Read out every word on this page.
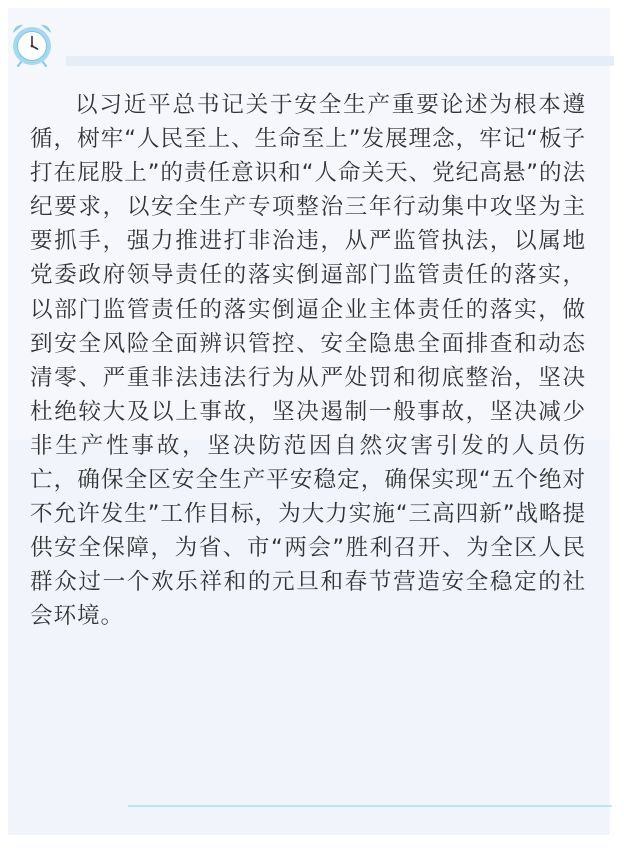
以习近平总书记关于安全生产重要论述为根本遵循，树牢“人民至上、生命至上”发展理念，牢记“板子打在屁股上”的责任意识和“人命关天、党纪高悬”的法纪要求，以安全生产专项整治三年行动集中攻坚为主要抓手，强力推进打非治违，从严监管执法，以属地党委政府领导责任的落实倒逼部门监管责任的落实，以部门监管责任的落实倒逼企业主体责任的落实，做到安全风险全面辨识管控、安全隐患全面排查和动态清零、严重非法违法行为从严处罚和彻底整治，坚决杜绝较大及以上事故，坚决遏制一般事故，坚决减少非生产性事故，坚决防范因自然灾害引发的人员伤亡，确保全区安全生产平安稳定，确保实现“五个绝对不允许发生”工作目标，为大力实施“三高四新”战略提供安全保障，为省、市“两会”胜利召开、为全区人民群众过一个欢乐祥和的元旦和春节营造安全稳定的社会环境。
